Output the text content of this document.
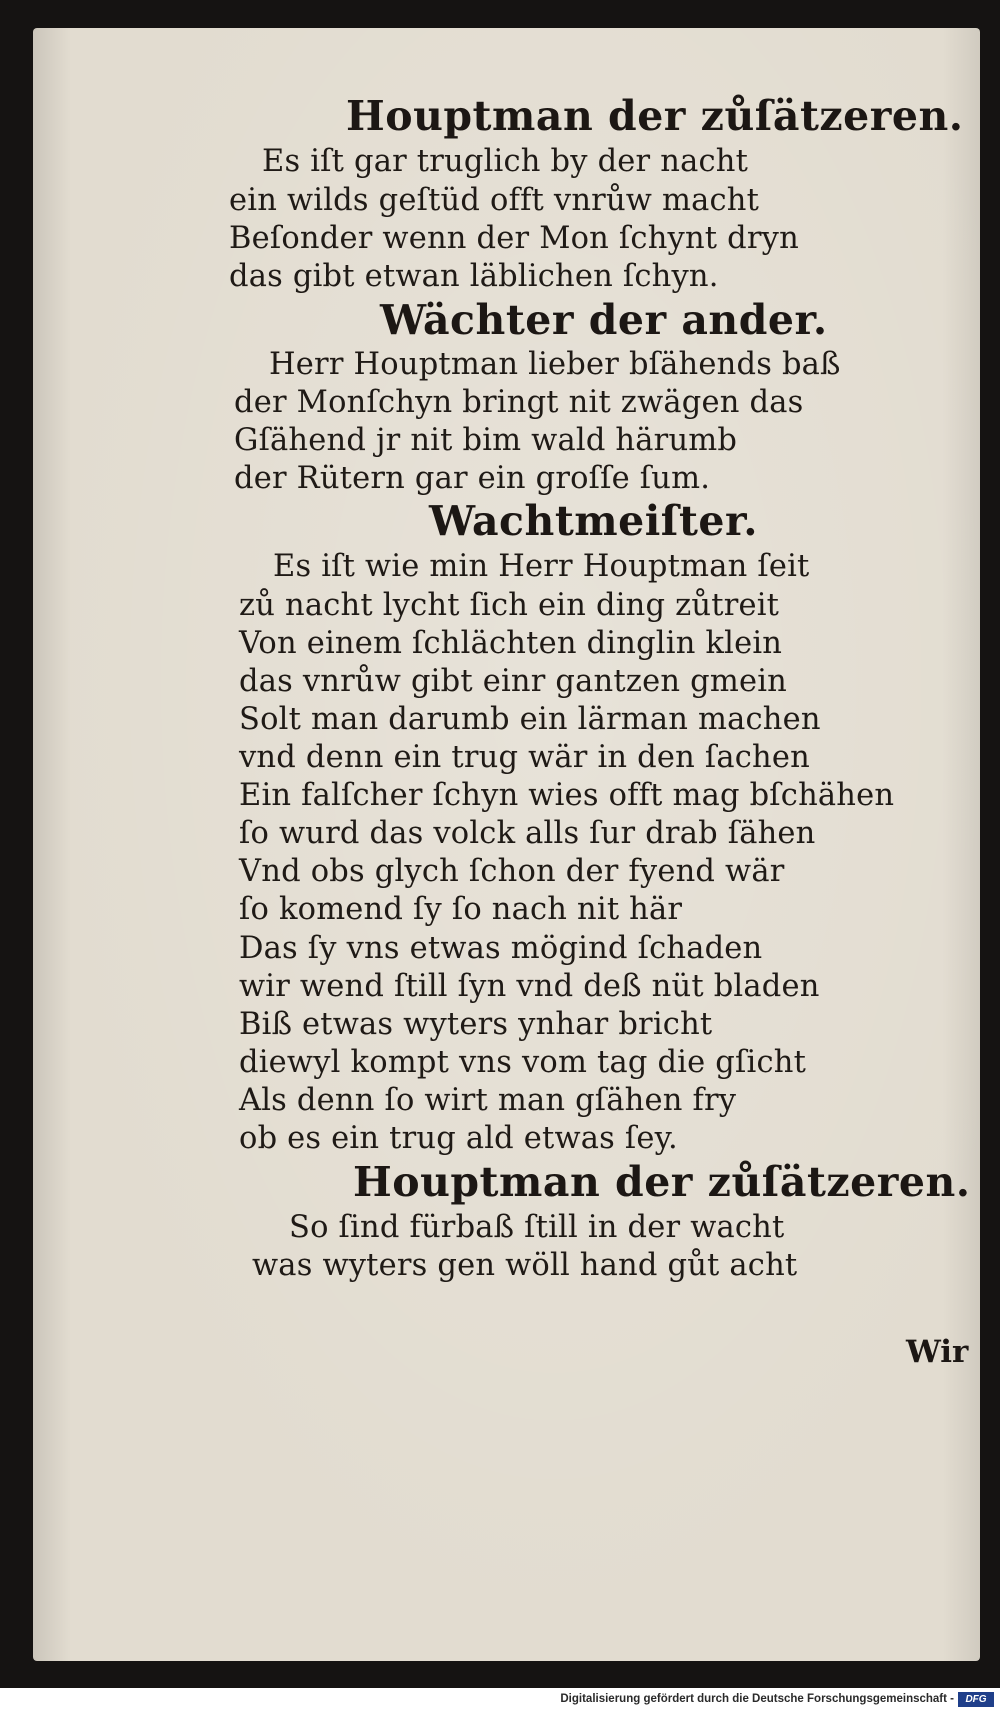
Houptman der zůſätzeren.
Es iſt gar truglich by der nacht
ein wilds geſtüd offt vnrůw macht
Beſonder wenn der Mon ſchynt dryn
das gibt etwan läblichen ſchyn.
Wächter der ander.
Herr Houptman lieber bſähends baß
der Monſchyn bringt nit zwägen das
Gſähend jr nit bim wald härumb
der Rütern gar ein groſſe ſum.
Wachtmeiſter.
Es iſt wie min Herr Houptman ſeit
zů nacht lycht ſich ein ding zůtreit
Von einem ſchlächten dinglin klein
das vnrůw gibt einr gantzen gmein
Solt man darumb ein lärman machen
vnd denn ein trug wär in den ſachen
Ein falſcher ſchyn wies offt mag bſchähen
ſo wurd das volck alls ſur drab ſähen
Vnd obs glych ſchon der fyend wär
ſo komend ſy ſo nach nit här
Das ſy vns etwas mögind ſchaden
wir wend ſtill ſyn vnd deß nüt bladen
Biß etwas wyters ynhar bricht
diewyl kompt vns vom tag die gſicht
Als denn ſo wirt man gſähen fry
ob es ein trug ald etwas ſey.
Houptman der zůſätzeren.
So ſind fürbaß ſtill in der wacht
was wyters gen wöll hand gůt acht
Wir
Digitalisierung gefördert durch die Deutsche Forschungsgemeinschaft -	DFG
